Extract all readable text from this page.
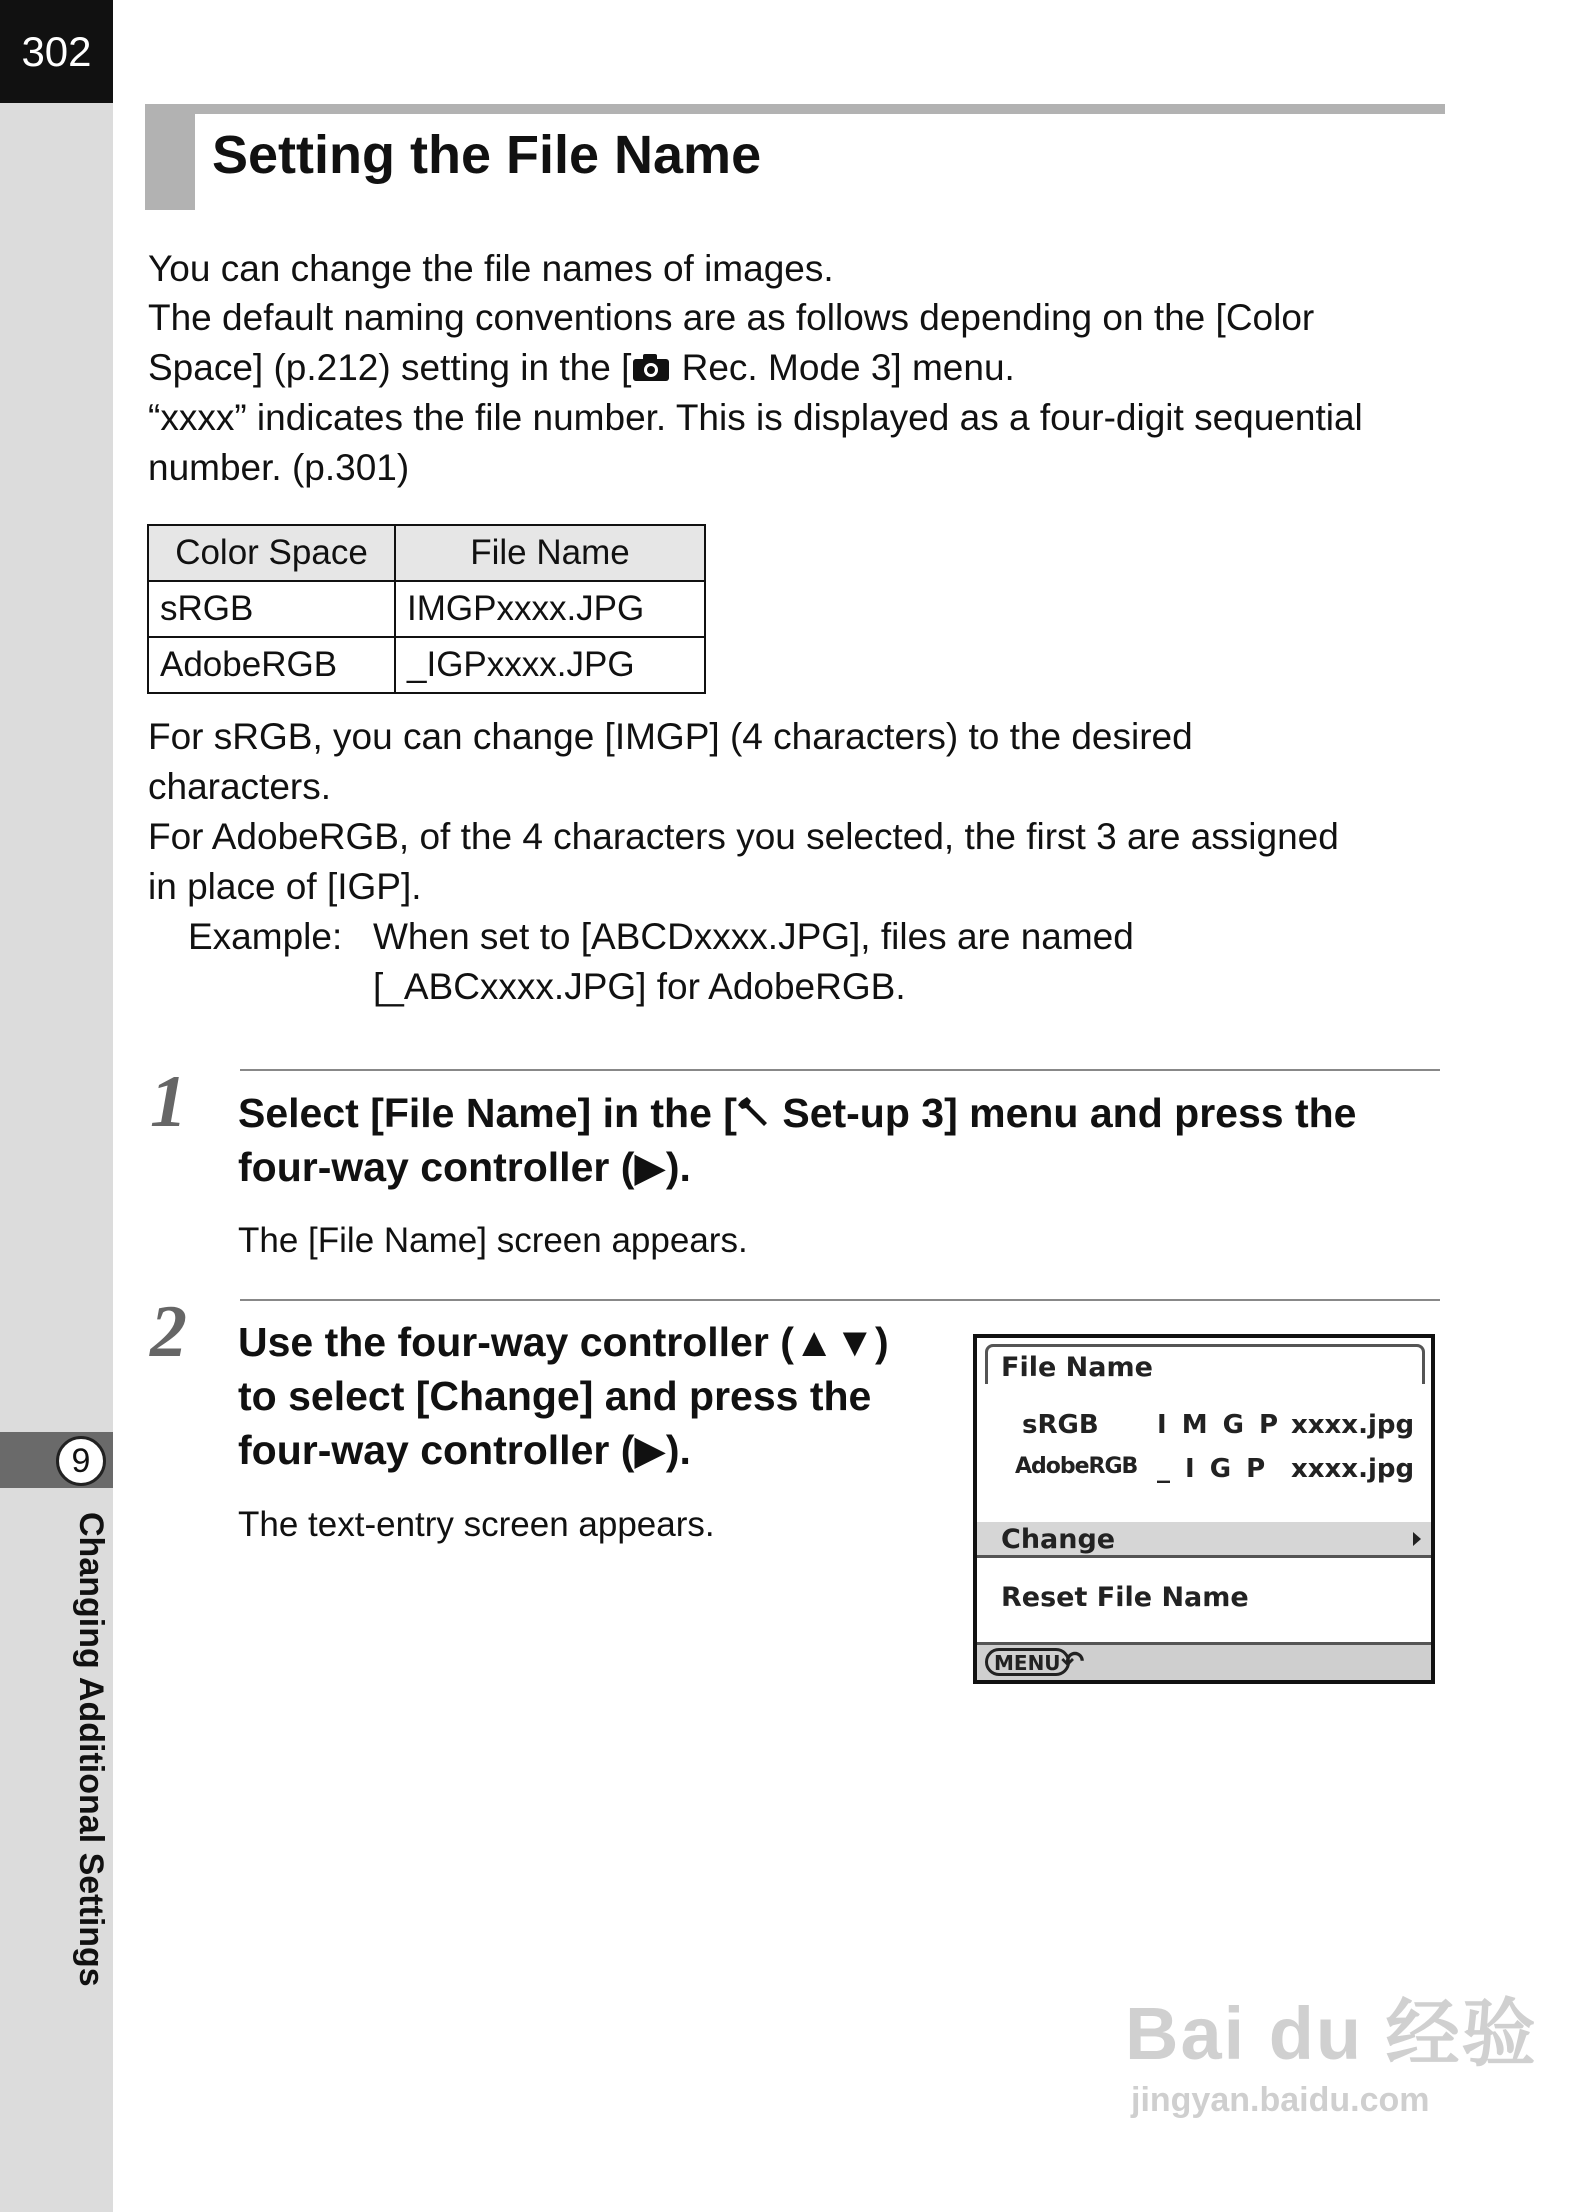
302
9
Changing Additional Settings
Setting the File Name

You can change the file names of images.

The default naming conventions are as follows depending on the [Color

Space] (p.212) setting in the [ Rec. Mode 3] menu.

“xxxx” indicates the file number. This is displayed as a four-digit sequential

number. (p.301)

Color Space	File Name
sRGB	IMGPxxxx.JPG
AdobeRGB	_IGPxxxx.JPG

For sRGB, you can change [IMGP] (4 characters) to the desired

characters.

For AdobeRGB, of the 4 characters you selected, the first 3 are assigned

in place of [IGP].

Example: When set to [ABCDxxxx.JPG], files are named

[_ABCxxxx.JPG] for AdobeRGB.

1 Select [File Name] in the [ Set-up 3] menu and press the

four-way controller (▶).

The [File Name] screen appears.
2 Use the four-way controller (▲▼)

to select [Change] and press the

four-way controller (▶).

The text-entry screen appears.
File Name
sRGB I M G P xxxx.jpg
AdobeRGB _ I G P xxxx.jpg
Change
Reset File Name
MENU ↶
Bai du 经验
jingyan.baidu.com
